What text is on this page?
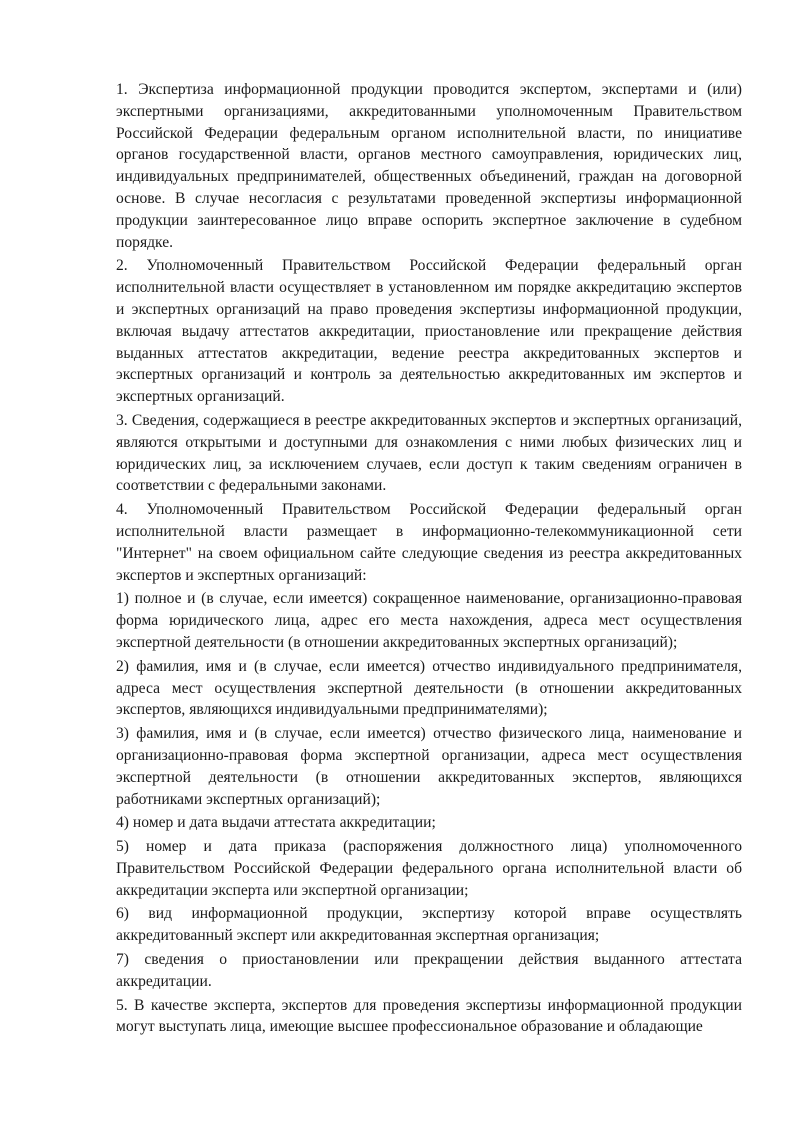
1. Экспертиза информационной продукции проводится экспертом, экспертами и (или) экспертными организациями, аккредитованными уполномоченным Правительством Российской Федерации федеральным органом исполнительной власти, по инициативе органов государственной власти, органов местного самоуправления, юридических лиц, индивидуальных предпринимателей, общественных объединений, граждан на договорной основе. В случае несогласия с результатами проведенной экспертизы информационной продукции заинтересованное лицо вправе оспорить экспертное заключение в судебном порядке.

2. Уполномоченный Правительством Российской Федерации федеральный орган исполнительной власти осуществляет в установленном им порядке аккредитацию экспертов и экспертных организаций на право проведения экспертизы информационной продукции, включая выдачу аттестатов аккредитации, приостановление или прекращение действия выданных аттестатов аккредитации, ведение реестра аккредитованных экспертов и экспертных организаций и контроль за деятельностью аккредитованных им экспертов и экспертных организаций.

3. Сведения, содержащиеся в реестре аккредитованных экспертов и экспертных организаций, являются открытыми и доступными для ознакомления с ними любых физических лиц и юридических лиц, за исключением случаев, если доступ к таким сведениям ограничен в соответствии с федеральными законами.

4. Уполномоченный Правительством Российской Федерации федеральный орган исполнительной власти размещает в информационно-телекоммуникационной сети "Интернет" на своем официальном сайте следующие сведения из реестра аккредитованных экспертов и экспертных организаций:

1) полное и (в случае, если имеется) сокращенное наименование, организационно-правовая форма юридического лица, адрес его места нахождения, адреса мест осуществления экспертной деятельности (в отношении аккредитованных экспертных организаций);

2) фамилия, имя и (в случае, если имеется) отчество индивидуального предпринимателя, адреса мест осуществления экспертной деятельности (в отношении аккредитованных экспертов, являющихся индивидуальными предпринимателями);

3) фамилия, имя и (в случае, если имеется) отчество физического лица, наименование и организационно-правовая форма экспертной организации, адреса мест осуществления экспертной деятельности (в отношении аккредитованных экспертов, являющихся работниками экспертных организаций);

4) номер и дата выдачи аттестата аккредитации;

5) номер и дата приказа (распоряжения должностного лица) уполномоченного Правительством Российской Федерации федерального органа исполнительной власти об аккредитации эксперта или экспертной организации;

6) вид информационной продукции, экспертизу которой вправе осуществлять аккредитованный эксперт или аккредитованная экспертная организация;

7) сведения о приостановлении или прекращении действия выданного аттестата аккредитации.

5. В качестве эксперта, экспертов для проведения экспертизы информационной продукции могут выступать лица, имеющие высшее профессиональное образование и обладающие
